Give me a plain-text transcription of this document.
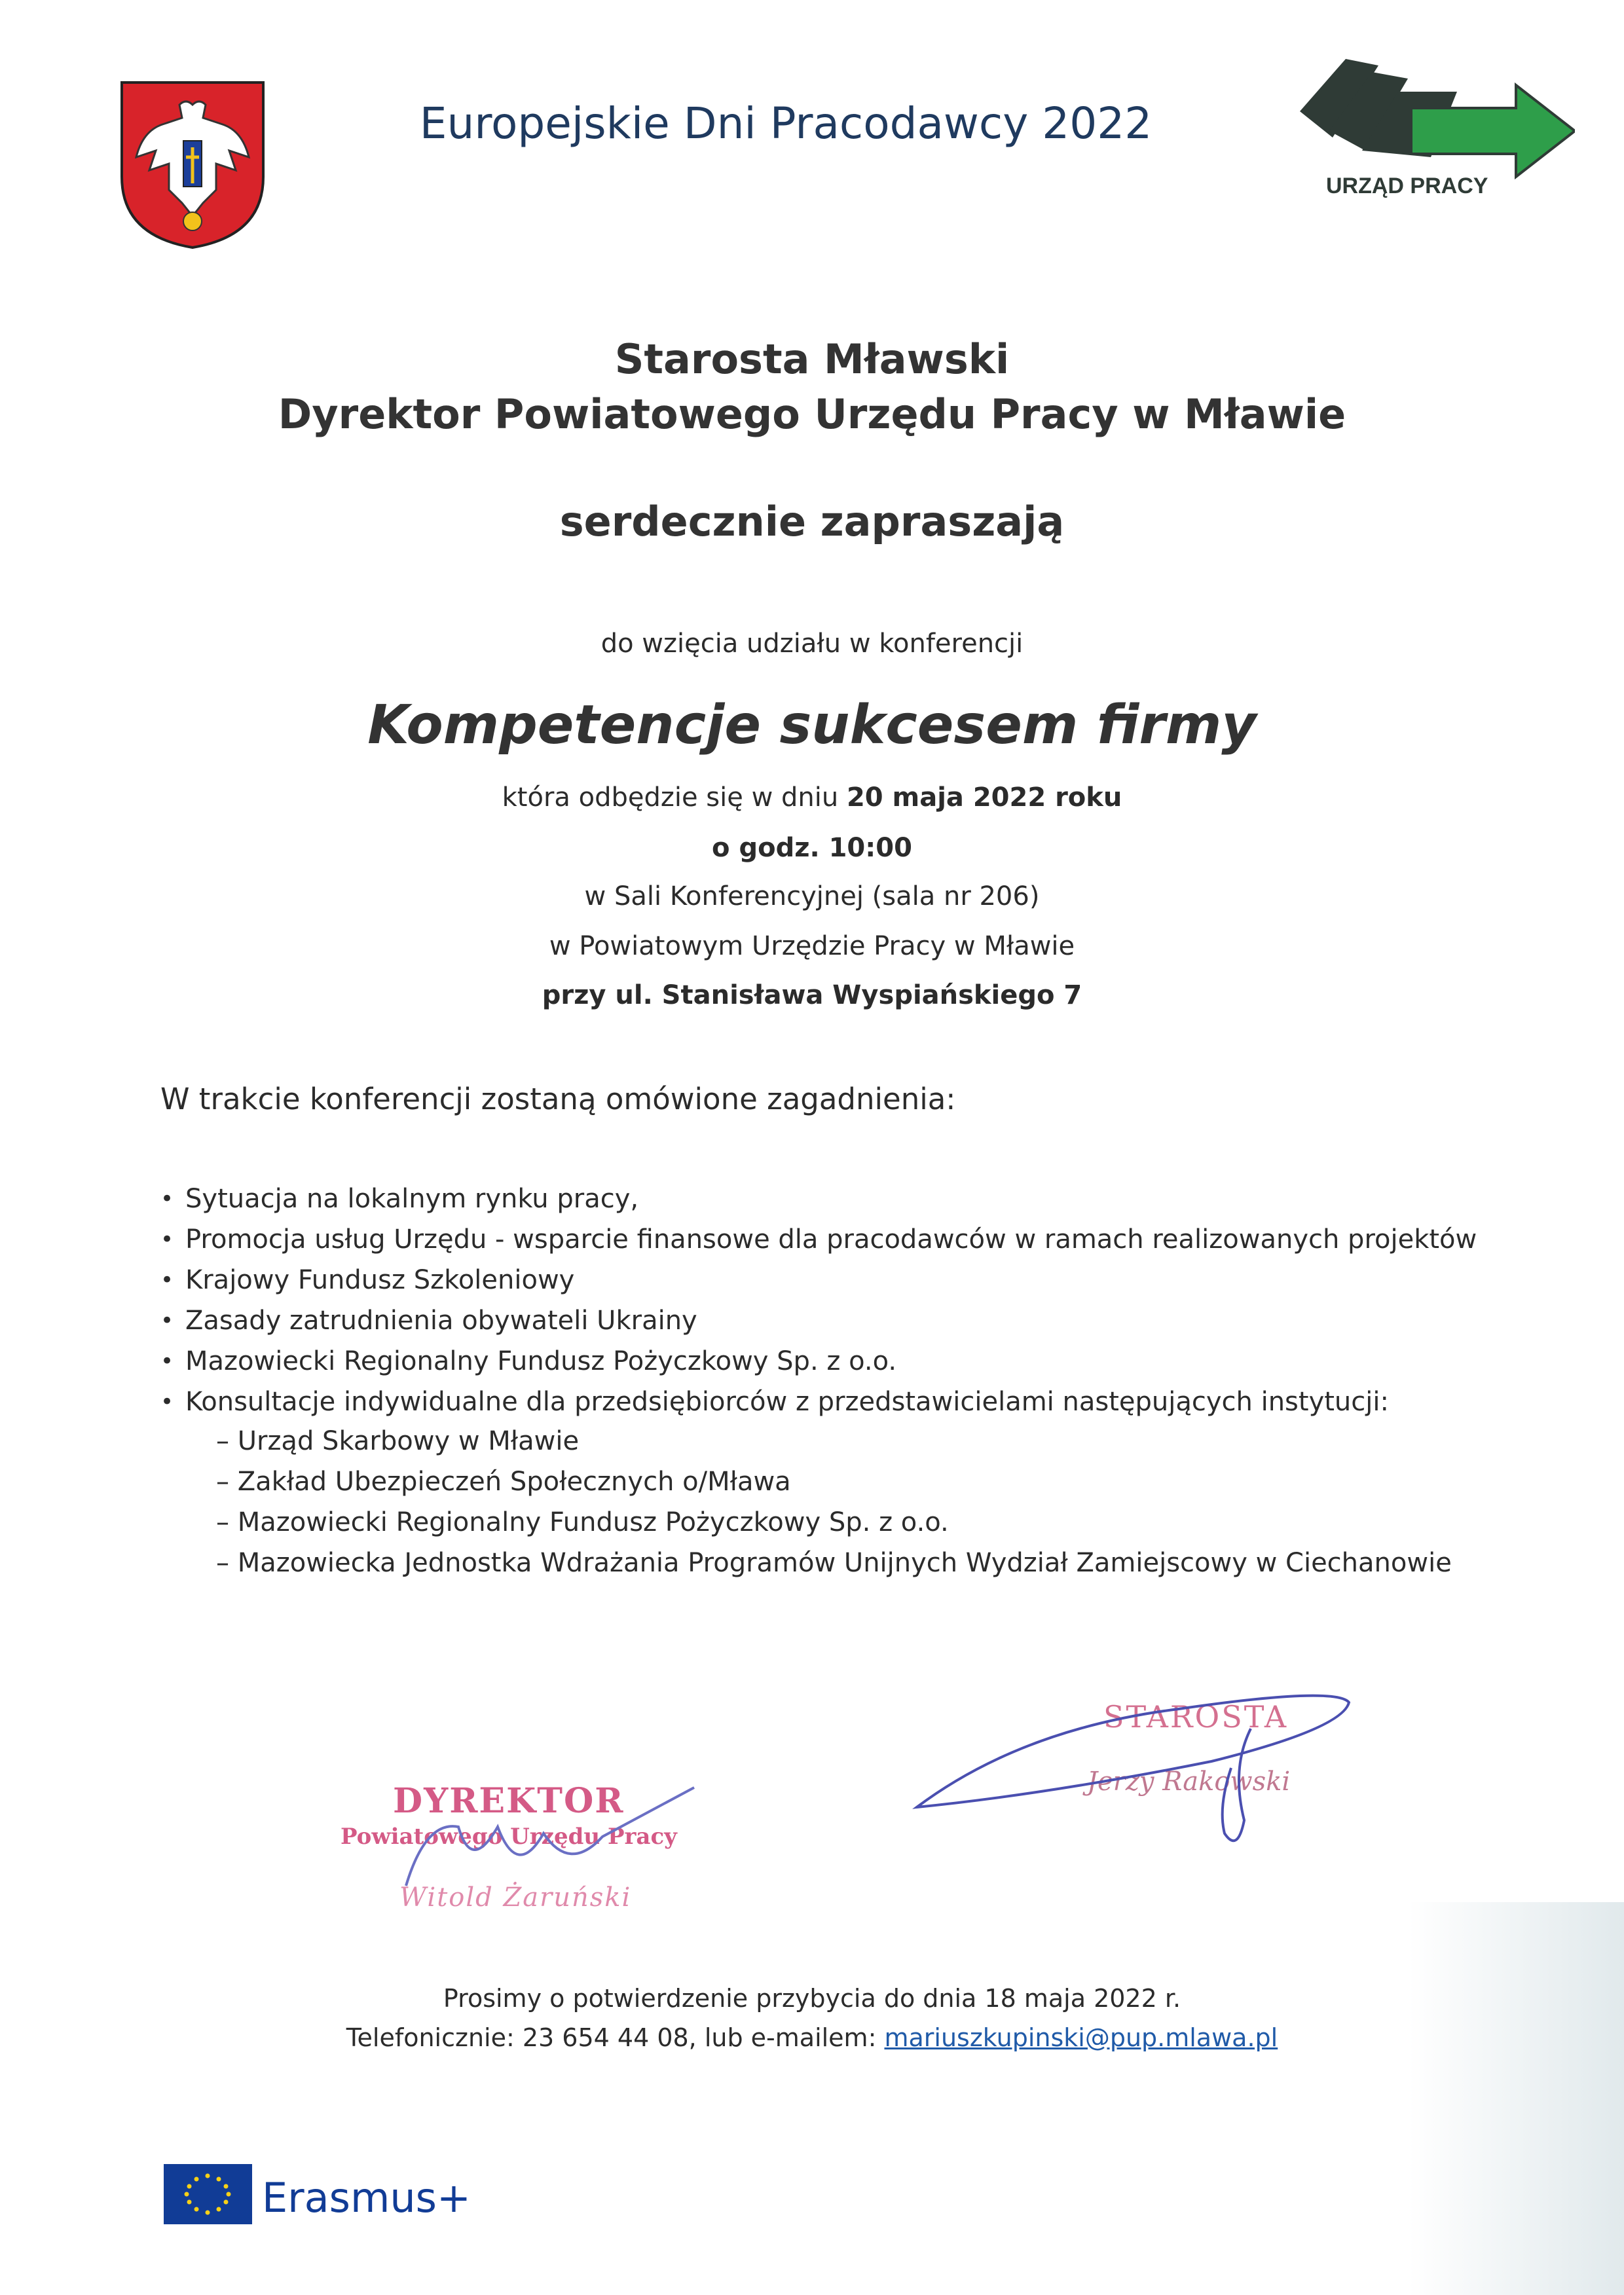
Europejskie Dni Pracodawcy 2022
URZĄD PRACY
Starosta Mławski
Dyrektor Powiatowego Urzędu Pracy w Mławie
serdecznie zapraszają
do wzięcia udziału w konferencji
Kompetencje sukcesem firmy
która odbędzie się w dniu 20 maja 2022 roku
o godz. 10:00
w Sali Konferencyjnej (sala nr 206)
w Powiatowym Urzędzie Pracy w Mławie
przy ul. Stanisława Wyspiańskiego 7
W trakcie konferencji zostaną omówione zagadnienia:
• Sytuacja na lokalnym rynku pracy,
• Promocja usług Urzędu - wsparcie finansowe dla pracodawców w ramach realizowanych projektów
• Krajowy Fundusz Szkoleniowy
• Zasady zatrudnienia obywateli Ukrainy
• Mazowiecki Regionalny Fundusz Pożyczkowy Sp. z o.o.
• Konsultacje indywidualne dla przedsiębiorców z przedstawicielami następujących instytucji:
– Urząd Skarbowy w Mławie
– Zakład Ubezpieczeń Społecznych o/Mława
– Mazowiecki Regionalny Fundusz Pożyczkowy Sp. z o.o.
– Mazowiecka Jednostka Wdrażania Programów Unijnych Wydział Zamiejscowy w Ciechanowie
DYREKTOR
Powiatowego Urzędu Pracy
Witold Żaruński
STAROSTA
Jerzy Rakowski
Prosimy o potwierdzenie przybycia do dnia 18 maja 2022 r.
Telefonicznie: 23 654 44 08, lub e-mailem: mariuszkupinski@pup.mlawa.pl
Erasmus+
